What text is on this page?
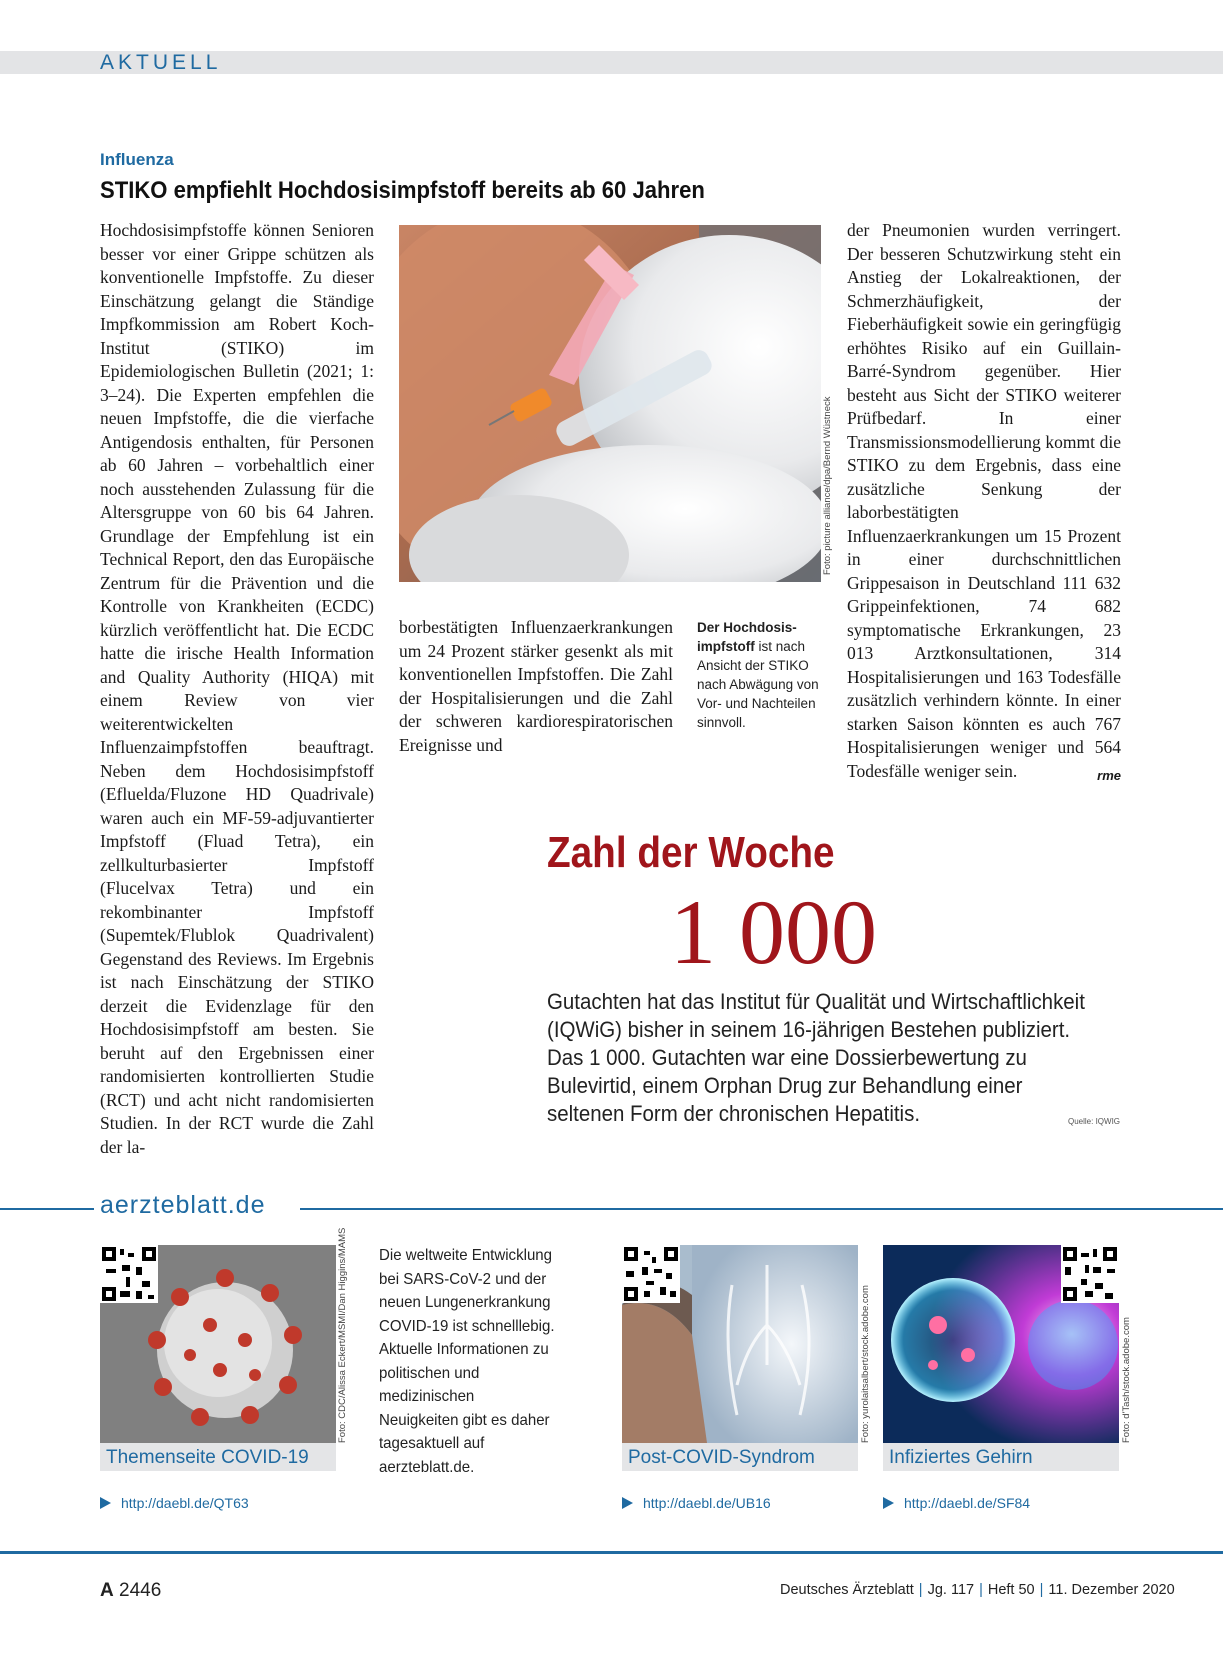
AKTUELL
Influenza
STIKO empfiehlt Hochdosisimpfstoff bereits ab 60 Jahren
Hochdosisimpfstoffe können Senioren besser vor einer Grippe schützen als konventionelle Impfstoffe. Zu dieser Einschätzung gelangt die Ständige Impfkommission am Robert Koch-Institut (STIKO) im Epidemiologischen Bulletin (2021; 1: 3–24). Die Experten empfehlen die neuen Impfstoffe, die die vierfache Antigendosis enthalten, für Personen ab 60 Jahren – vorbehaltlich einer noch ausstehenden Zulassung für die Altersgruppe von 60 bis 64 Jahren. Grundlage der Empfehlung ist ein Technical Report, den das Europäische Zentrum für die Prävention und die Kontrolle von Krankheiten (ECDC) kürzlich veröffentlicht hat. Die ECDC hatte die irische Health Information and Quality Authority (HIQA) mit einem Review von vier weiterentwickelten Influenzaimpfstoffen beauftragt. Neben dem Hochdosisimpfstoff (Efluelda/Fluzone HD Quadrivale) waren auch ein MF-59-adjuvantierter Impfstoff (Fluad Tetra), ein zellkulturbasierter Impfstoff (Flucelvax Tetra) und ein rekombinanter Impfstoff (Supemtek/Flublok Quadrivalent) Gegenstand des Reviews. Im Ergebnis ist nach Einschätzung der STIKO derzeit die Evidenzlage für den Hochdosisimpfstoff am besten. Sie beruht auf den Ergebnissen einer randomisierten kontrollierten Studie (RCT) und acht nicht randomisierten Studien. In der RCT wurde die Zahl der la-
Foto: picture alliance/dpa/Bernd Wüstneck
borbestätigten Influenzaerkrankungen um 24 Prozent stärker gesenkt als mit konventionellen Impfstoffen. Die Zahl der Hospitalisierungen und die Zahl der schweren kardiorespiratorischen Ereignisse und
Der Hochdosisimpfstoff ist nach Ansicht der STIKO nach Abwägung von Vor- und Nachteilen sinnvoll.
der Pneumonien wurden verringert. Der besseren Schutzwirkung steht ein Anstieg der Lokalreaktionen, der Schmerzhäufigkeit, der Fieberhäufigkeit sowie ein geringfügig erhöhtes Risiko auf ein Guillain-Barré-Syndrom gegenüber. Hier besteht aus Sicht der STIKO weiterer Prüfbedarf. In einer Transmissionsmodellierung kommt die STIKO zu dem Ergebnis, dass eine zusätzliche Senkung der laborbestätigten Influenzaerkrankungen um 15 Prozent in einer durchschnittlichen Grippesaison in Deutschland 111 632 Grippeinfektionen, 74 682 symptomatische Erkrankungen, 23 013 Arztkonsultationen, 314 Hospitalisierungen und 163 Todesfälle zusätzlich verhindern könnte. In einer starken Saison könnten es auch 767 Hospitalisierungen weniger und 564 Todesfälle weniger sein.	rme
Zahl der Woche
1 000
Gutachten hat das Institut für Qualität und Wirtschaftlichkeit (IQWiG) bisher in seinem 16-jährigen Bestehen publiziert. Das 1 000. Gutachten war eine Dossierbewertung zu Bulevirtid, einem Orphan Drug zur Behandlung einer seltenen Form der chronischen Hepatitis.	Quelle: IQWIG
aerzteblatt.de
Foto: CDC/Alissa Eckert/MSMI/Dan Higgins/MAMS
Themenseite COVID-19
http://daebl.de/QT63
Die weltweite Entwicklung bei SARS-CoV-2 und der neuen Lungenerkrankung COVID-19 ist schnelllebig. Aktuelle Informationen zu politischen und medizinischen Neuigkeiten gibt es daher tagesaktuell auf aerzteblatt.de.
Foto: yurolaitsalbert/stock.adobe.com
Post-COVID-Syndrom
http://daebl.de/UB16
Foto: d'Tash/stock.adobe.com
Infiziertes Gehirn
http://daebl.de/SF84
A 2446	Deutsches Ärzteblatt | Jg. 117 | Heft 50 | 11. Dezember 2020
